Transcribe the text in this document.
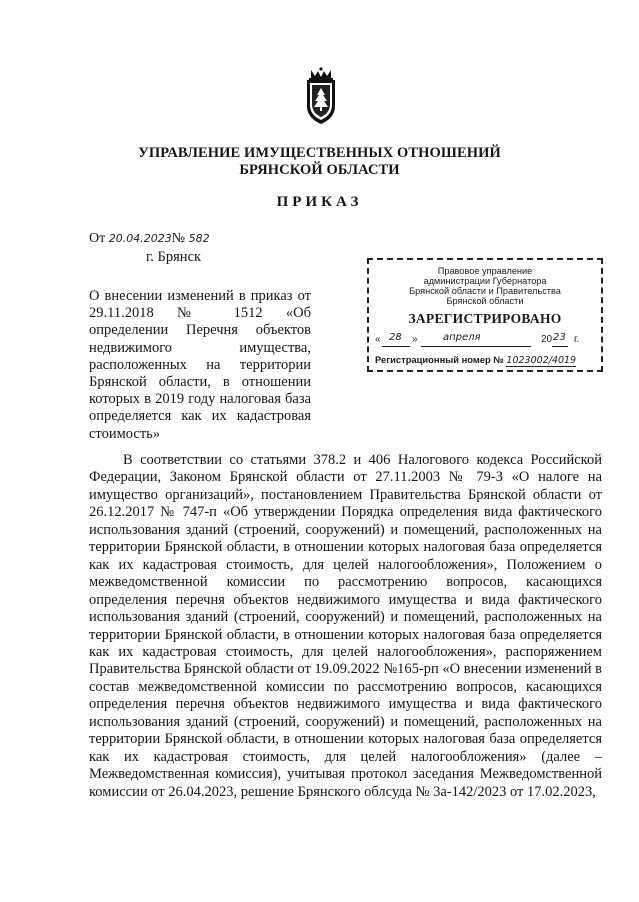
УПРАВЛЕНИЕ ИМУЩЕСТВЕННЫХ ОТНОШЕНИЙ
БРЯНСКОЙ ОБЛАСТИ
ПРИКАЗ
От 20.04.2023№ 582
г. Брянск
О внесении изменений в приказ от 29.11.2018 № 1512 «Об определении Перечня объектов недвижимого имущества, расположенных на территории Брянской области, в отношении которых в 2019 году налоговая база определяется как их кадастровая стоимость»
Правовое управление
администрации Губернатора
Брянской области и Правительства
Брянской области
ЗАРЕГИСТРИРОВАНО
« 28 »	апреля	20 23 г.
Регистрационный номер № 1023002/4019
В соответствии со статьями 378.2 и 406 Налогового кодекса Российской Федерации, Законом Брянской области от 27.11.2003 № 79-З «О налоге на имущество организаций», постановлением Правительства Брянской области от 26.12.2017 № 747-п «Об утверждении Порядка определения вида фактического использования зданий (строений, сооружений) и помещений, расположенных на территории Брянской области, в отношении которых налоговая база определяется как их кадастровая стоимость, для целей налогообложения», Положением о межведомственной комиссии по рассмотрению вопросов, касающихся определения перечня объектов недвижимого имущества и вида фактического использования зданий (строений, сооружений) и помещений, расположенных на территории Брянской области, в отношении которых налоговая база определяется как их кадастровая стоимость, для целей налогообложения», распоряжением Правительства Брянской области от 19.09.2022 №165-рп «О внесении изменений в состав межведомственной комиссии по рассмотрению вопросов, касающихся определения перечня объектов недвижимого имущества и вида фактического использования зданий (строений, сооружений) и помещений, расположенных на территории Брянской области, в отношении которых налоговая база определяется как их кадастровая стоимость, для целей налогообложения» (далее – Межведомственная комиссия), учитывая протокол заседания Межведомственной комиссии от 26.04.2023, решение Брянского облсуда № 3а-142/2023 от 17.02.2023,
